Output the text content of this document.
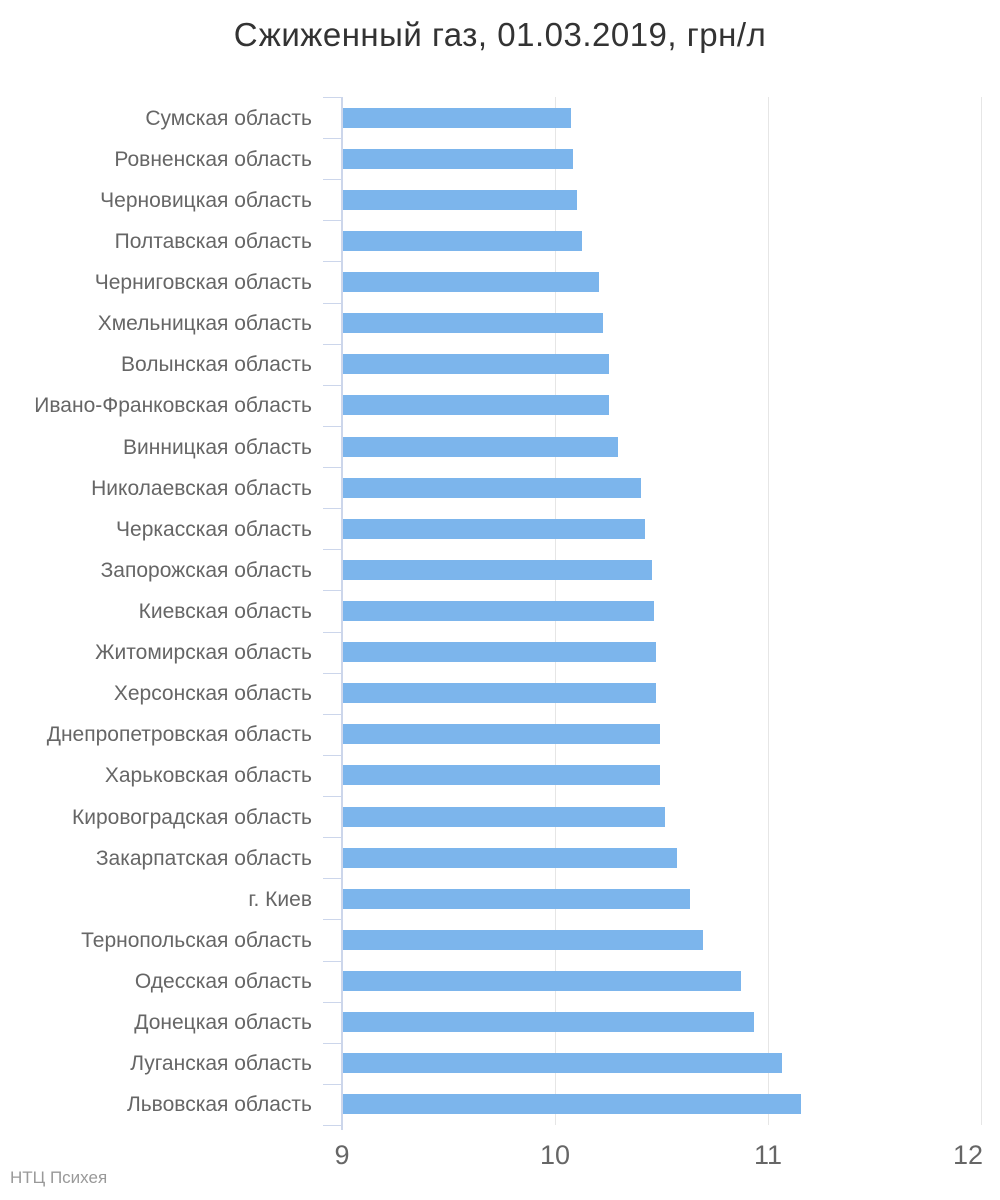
Сжиженный газ, 01.03.2019, грн/л
Сумская область
Ровненская область
Черновицкая область
Полтавская область
Черниговская область
Хмельницкая область
Волынская область
Ивано-Франковская область
Винницкая область
Николаевская область
Черкасская область
Запорожская область
Киевская область
Житомирская область
Херсонская область
Днепропетровская область
Харьковская область
Кировоградская область
Закарпатская область
г. Киев
Тернопольская область
Одесская область
Донецкая область
Луганская область
Львовская область
9	10	11	12
НТЦ Психея
